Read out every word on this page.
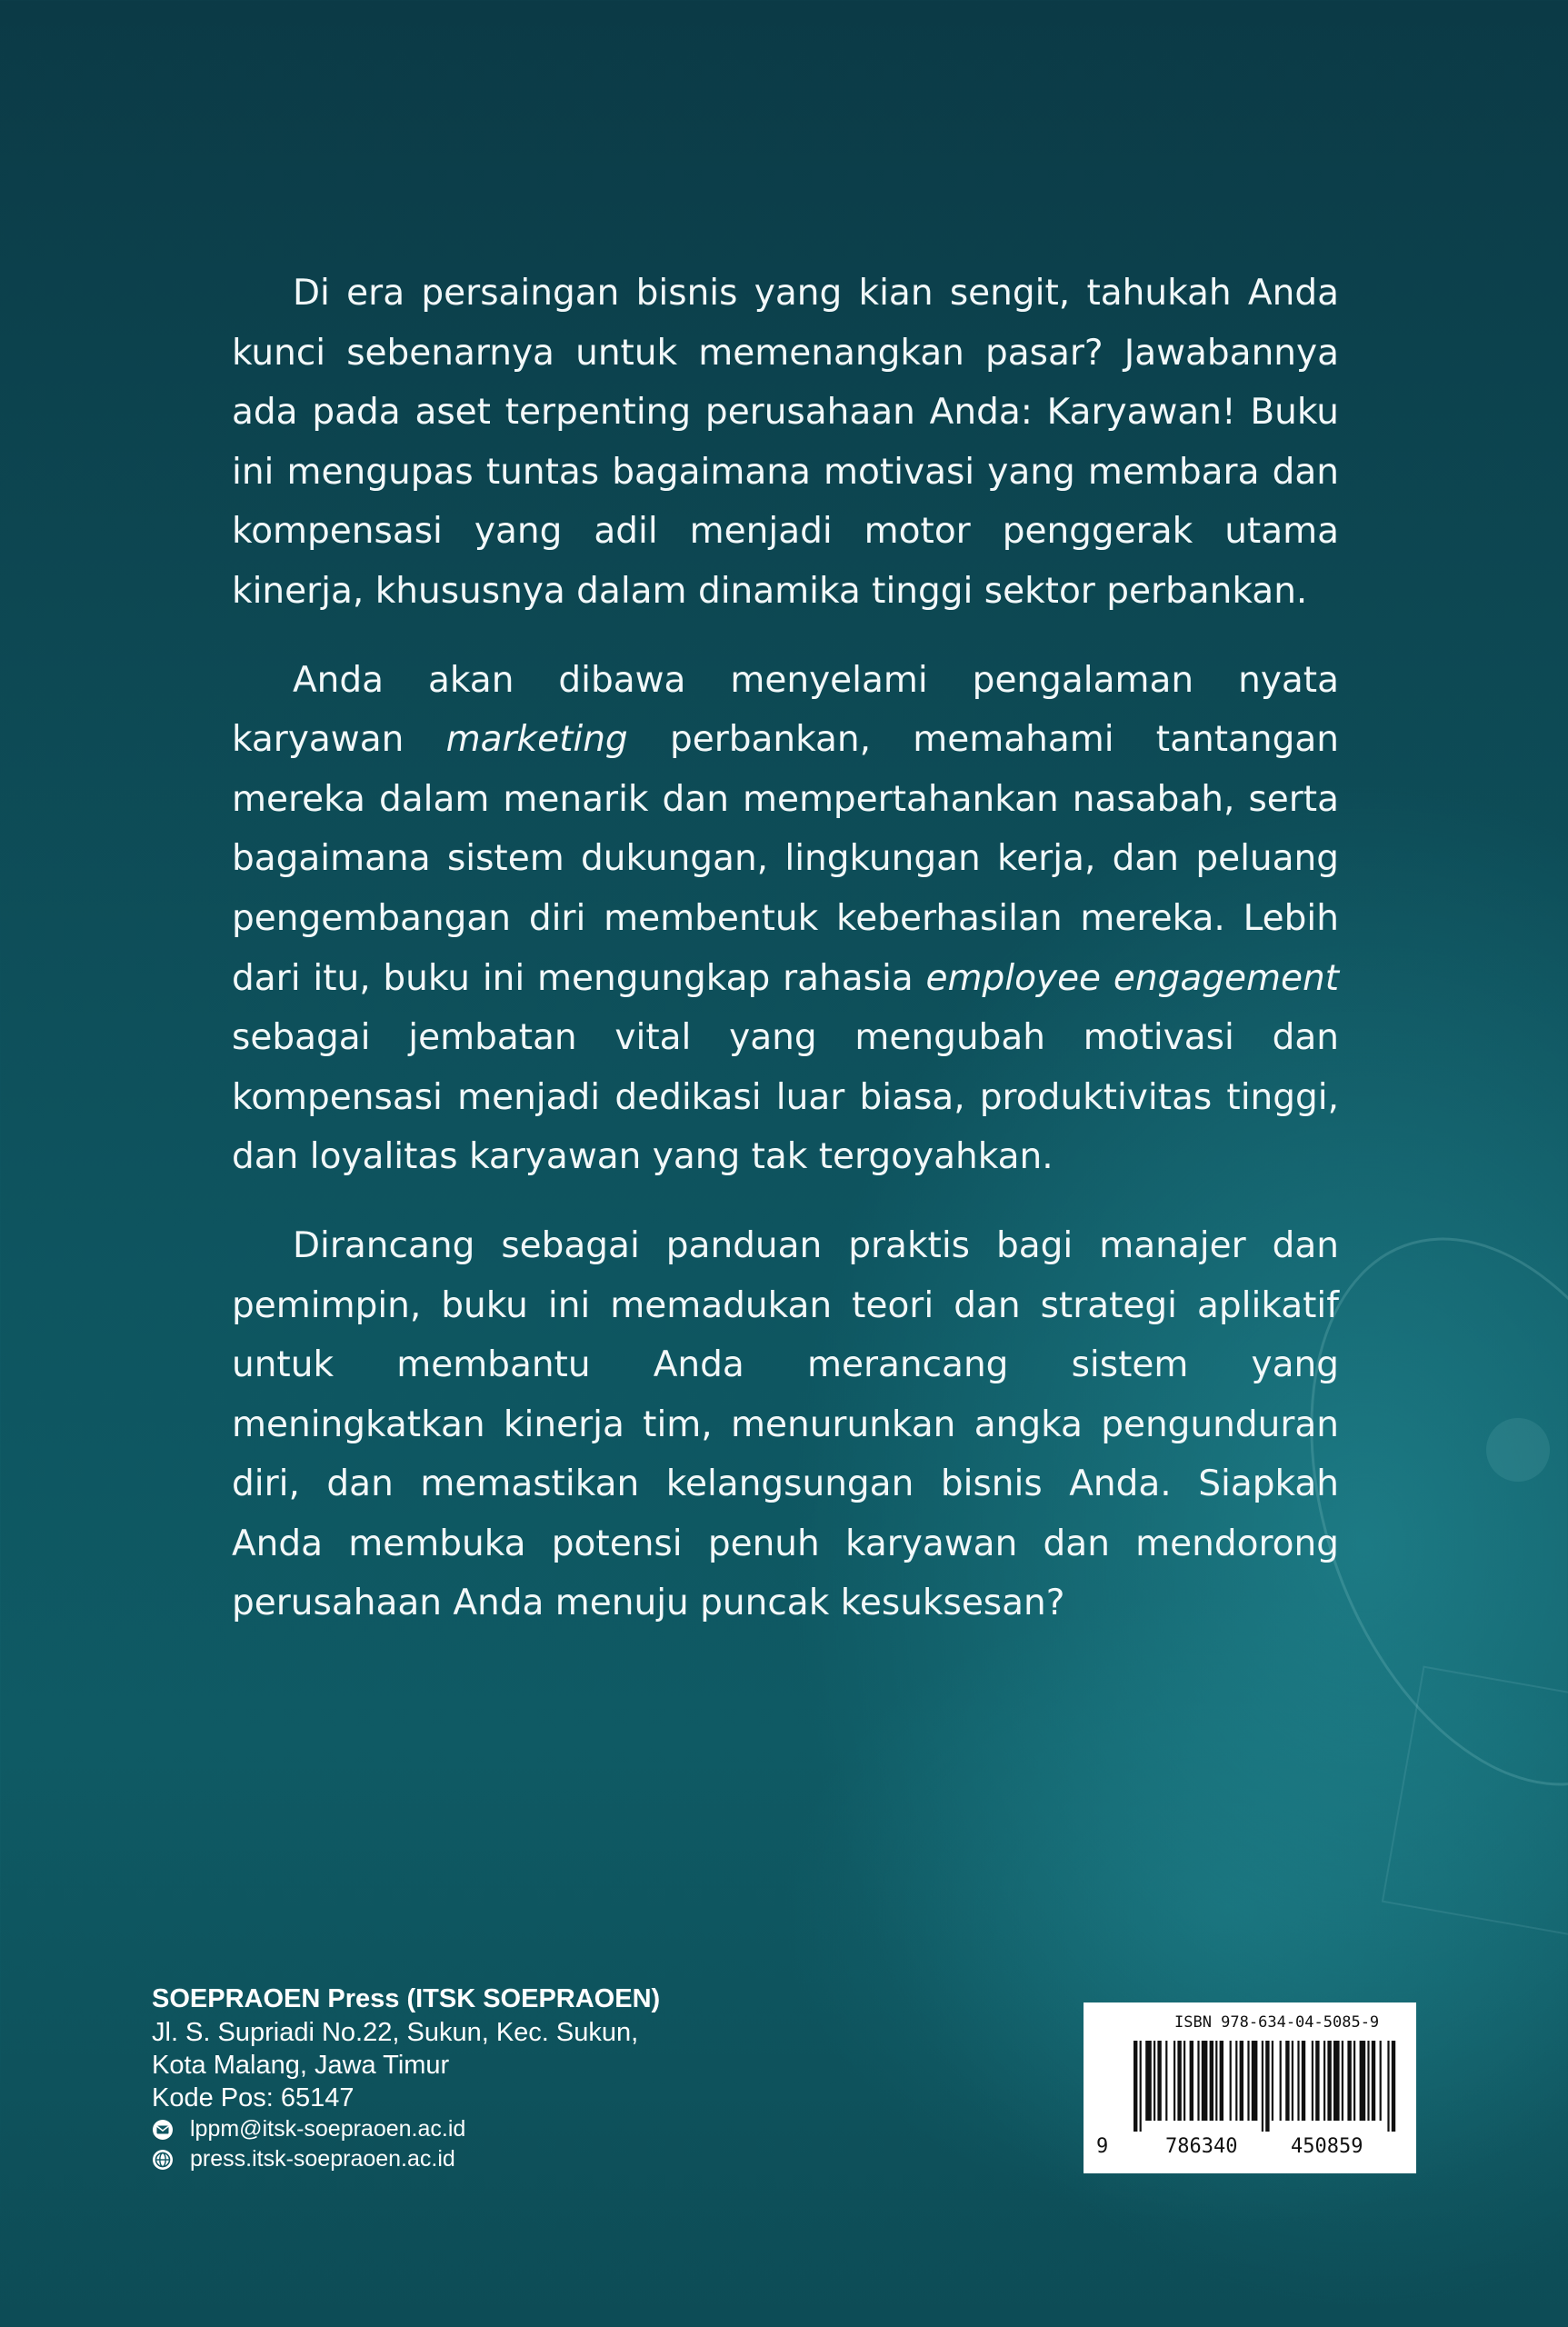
Di era persaingan bisnis yang kian sengit, tahukah Anda kunci sebenarnya untuk memenangkan pasar? Jawabannya ada pada aset terpenting perusahaan Anda: Karyawan! Buku ini mengupas tuntas bagaimana motivasi yang membara dan kompensasi yang adil menjadi motor penggerak utama kinerja, khususnya dalam dinamika tinggi sektor perbankan.

Anda akan dibawa menyelami pengalaman nyata karyawan marketing perbankan, memahami tantangan mereka dalam menarik dan mempertahankan nasabah, serta bagaimana sistem dukungan, lingkungan kerja, dan peluang pengembangan diri membentuk keberhasilan mereka. Lebih dari itu, buku ini mengungkap rahasia employee engagement sebagai jembatan vital yang mengubah motivasi dan kompensasi menjadi dedikasi luar biasa, produktivitas tinggi, dan loyalitas karyawan yang tak tergoyahkan.

Dirancang sebagai panduan praktis bagi manajer dan pemimpin, buku ini memadukan teori dan strategi aplikatif untuk membantu Anda merancang sistem yang meningkatkan kinerja tim, menurunkan angka pengunduran diri, dan memastikan kelangsungan bisnis Anda. Siapkah Anda membuka potensi penuh karyawan dan mendorong perusahaan Anda menuju puncak kesuksesan?

SOEPRAOEN Press (ITSK SOEPRAOEN)
Jl. S. Supriadi No.22, Sukun, Kec. Sukun,
Kota Malang, Jawa Timur
Kode Pos: 65147
lppm@itsk-soepraoen.ac.id
press.itsk-soepraoen.ac.id
ISBN 978-634-04-5085-9
9	786340	450859
